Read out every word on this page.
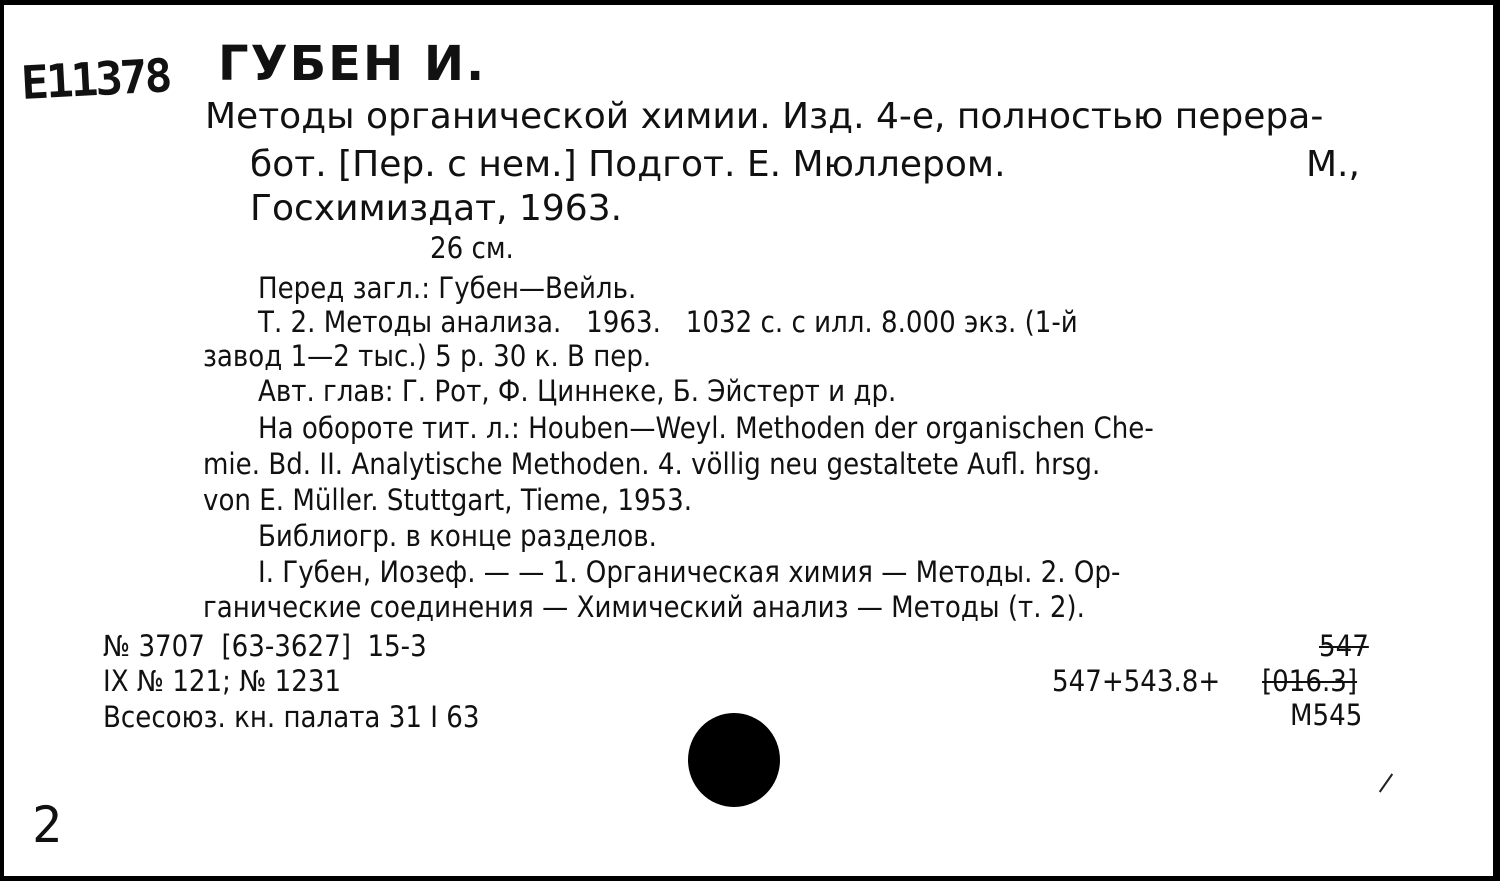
E11378 ГУБЕН И.
Методы органической химии. Изд. 4-е, полностью перера-
бот. [Пер. с нем.] Подгот. Е. Мюллером.	М.,
Госхимиздат, 1963.
26 см.
Перед загл.: Губен—Вейль.
Т. 2. Методы анализа.   1963.   1032 с. с илл. 8.000 экз. (1-й
завод 1—2 тыс.) 5 р. 30 к. В пер.
Авт. глав: Г. Рот, Ф. Циннеке, Б. Эйстерт и др.
На обороте тит. л.: Houben—Weyl. Methoden der organischen Che-
mie. Bd. II. Analytische Methoden. 4. völlig neu gestaltete Aufl. hrsg.
von E. Müller. Stuttgart, Tieme, 1953.
Библиогр. в конце разделов.
I. Губен, Иозеф. — — 1. Органическая химия — Методы. 2. Ор-
ганические соединения — Химический анализ — Методы (т. 2).
№ 3707  [63-3627]  15-3
IX № 121; № 1231
Всесоюз. кн. палата 31 I 63
547
547+543.8+ [016.3]
М545
2
